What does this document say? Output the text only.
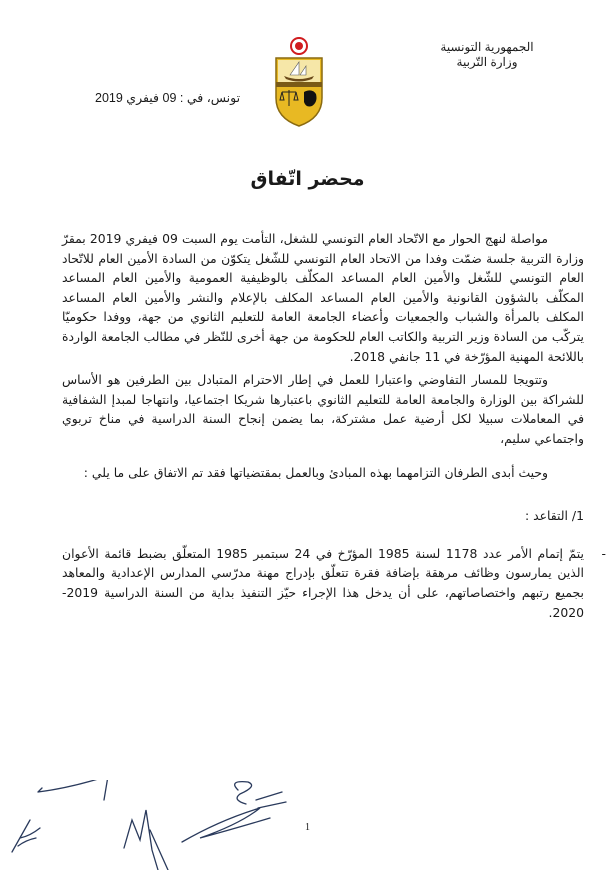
الجمهورية التونسية
وزارة التّربية
تونس، في : 09 فيفري 2019
محضر اتّفاق

مواصلة لنهج الحوار مع الاتّحاد العام التونسي للشغل، التأمت يوم السبت 09 فيفري 2019 بمقرّ وزارة التربية جلسة ضمّت وفدا من الاتحاد العام التونسي للشّغل يتكوّن من السادة الأمين العام للاتّحاد العام التونسي للشّغل والأمين العام المساعد المكلّف بالوظيفية العمومية والأمين العام المساعد المكلّف بالشؤون القانونية والأمين العام المساعد المكلف بالإعلام والنشر والأمين العام المساعد المكلف بالمرأة والشباب والجمعيات وأعضاء الجامعة العامة للتعليم الثانوي من جهة، ووفدا حكوميّا يتركّب من السادة وزير التربية والكاتب العام للحكومة من جهة أخرى للنّظر في مطالب الجامعة الواردة باللائحة المهنية المؤرّخة في 11 جانفي 2018.

وتتويجا للمسار التفاوضي واعتبارا للعمل في إطار الاحترام المتبادل بين الطرفين هو الأساس للشراكة بين الوزارة والجامعة العامة للتعليم الثانوي باعتبارها شريكا اجتماعيا، وانتهاجا لمبدإ الشفافية في المعاملات سبيلا لكل أرضية عمل مشتركة، بما يضمن إنجاح السنة الدراسية في مناخ تربوي واجتماعي سليم،

وحيث أبدى الطرفان التزامهما بهذه المبادئ وبالعمل بمقتضياتها فقد تم الاتفاق على ما يلي :

1/ التقاعد :

-
يتمّ إتمام الأمر عدد 1178 لسنة 1985 المؤرّخ في 24 سبتمبر 1985 المتعلّق بضبط قائمة الأعوان الذين يمارسون وظائف مرهقة بإضافة فقرة تتعلّق بإدراج مهنة مدرّسي المدارس الإعدادية والمعاهد بجميع رتبهم واختصاصاتهم، على أن يدخل هذا الإجراء حيّز التنفيذ بداية من السنة الدراسية 2019-2020.
1
